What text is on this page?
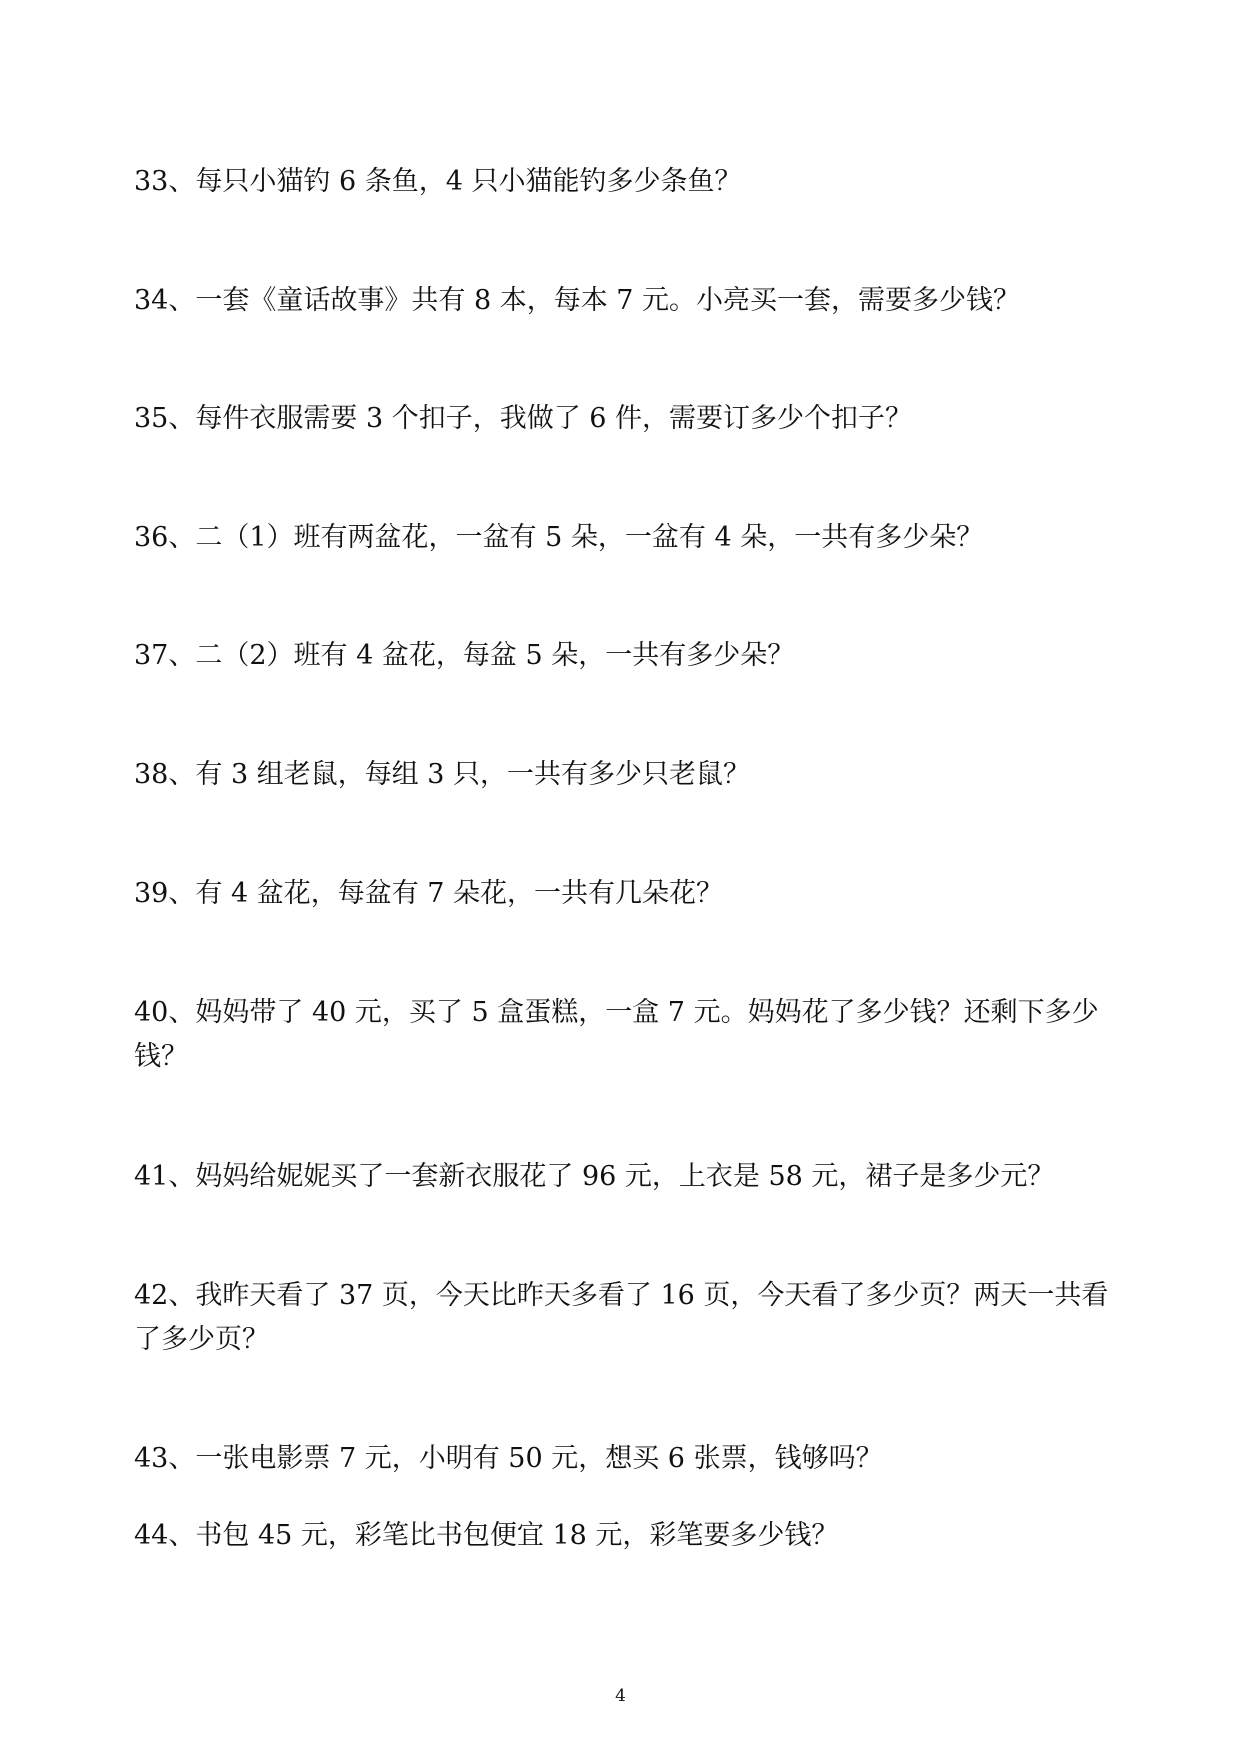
33、每只小猫钓 6 条鱼，4 只小猫能钓多少条鱼？

34、一套《童话故事》共有 8 本，每本 7 元。小亮买一套，需要多少钱？

35、每件衣服需要 3 个扣子，我做了 6 件，需要订多少个扣子？

36、二（1）班有两盆花，一盆有 5 朵，一盆有 4 朵，一共有多少朵？

37、二（2）班有 4 盆花，每盆 5 朵，一共有多少朵？

38、有 3 组老鼠，每组 3 只，一共有多少只老鼠？

39、有 4 盆花，每盆有 7 朵花，一共有几朵花？

40、妈妈带了 40 元，买了 5 盒蛋糕，一盒 7 元。妈妈花了多少钱？还剩下多少钱？

41、妈妈给妮妮买了一套新衣服花了 96 元，上衣是 58 元，裙子是多少元？

42、我昨天看了 37 页，今天比昨天多看了 16 页，今天看了多少页？两天一共看了多少页？

43、一张电影票 7 元，小明有 50 元，想买 6 张票，钱够吗？

44、书包 45 元，彩笔比书包便宜 18 元，彩笔要多少钱？

4
